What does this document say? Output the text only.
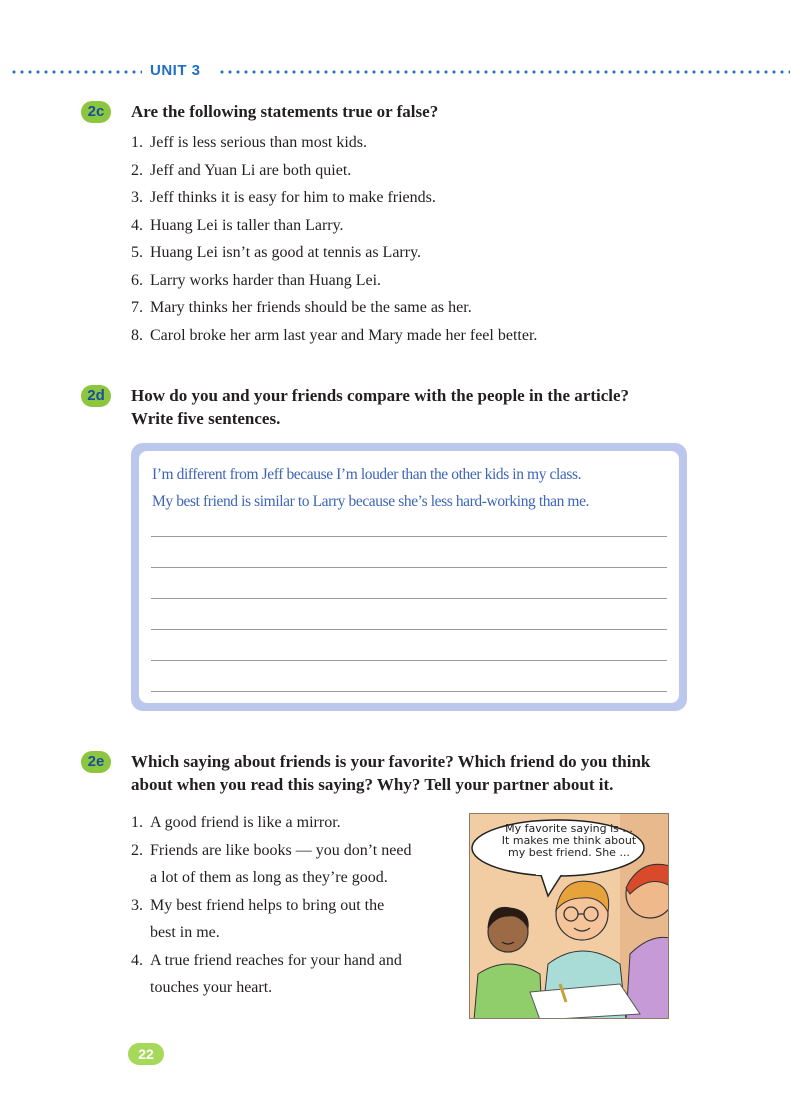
UNIT 3
2c	Are the following statements true or false?
1. Jeff is less serious than most kids.
2. Jeff and Yuan Li are both quiet.
3. Jeff thinks it is easy for him to make friends.
4. Huang Lei is taller than Larry.
5. Huang Lei isn’t as good at tennis as Larry.
6. Larry works harder than Huang Lei.
7. Mary thinks her friends should be the same as her.
8. Carol broke her arm last year and Mary made her feel better.
2d	How do you and your friends compare with the people in the article?
Write five sentences.
I’m different from Jeff because I’m louder than the other kids in my class.
My best friend is similar to Larry because she’s less hard-working than me.
2e	Which saying about friends is your favorite? Which friend do you think
about when you read this saying? Why? Tell your partner about it.
1. A good friend is like a mirror.
2. Friends are like books — you don’t need
a lot of them as long as they’re good.
3. My best friend helps to bring out the
best in me.
4. A true friend reaches for your hand and
touches your heart.
My favorite saying is ...
It makes me think about
my best friend. She ...
22
